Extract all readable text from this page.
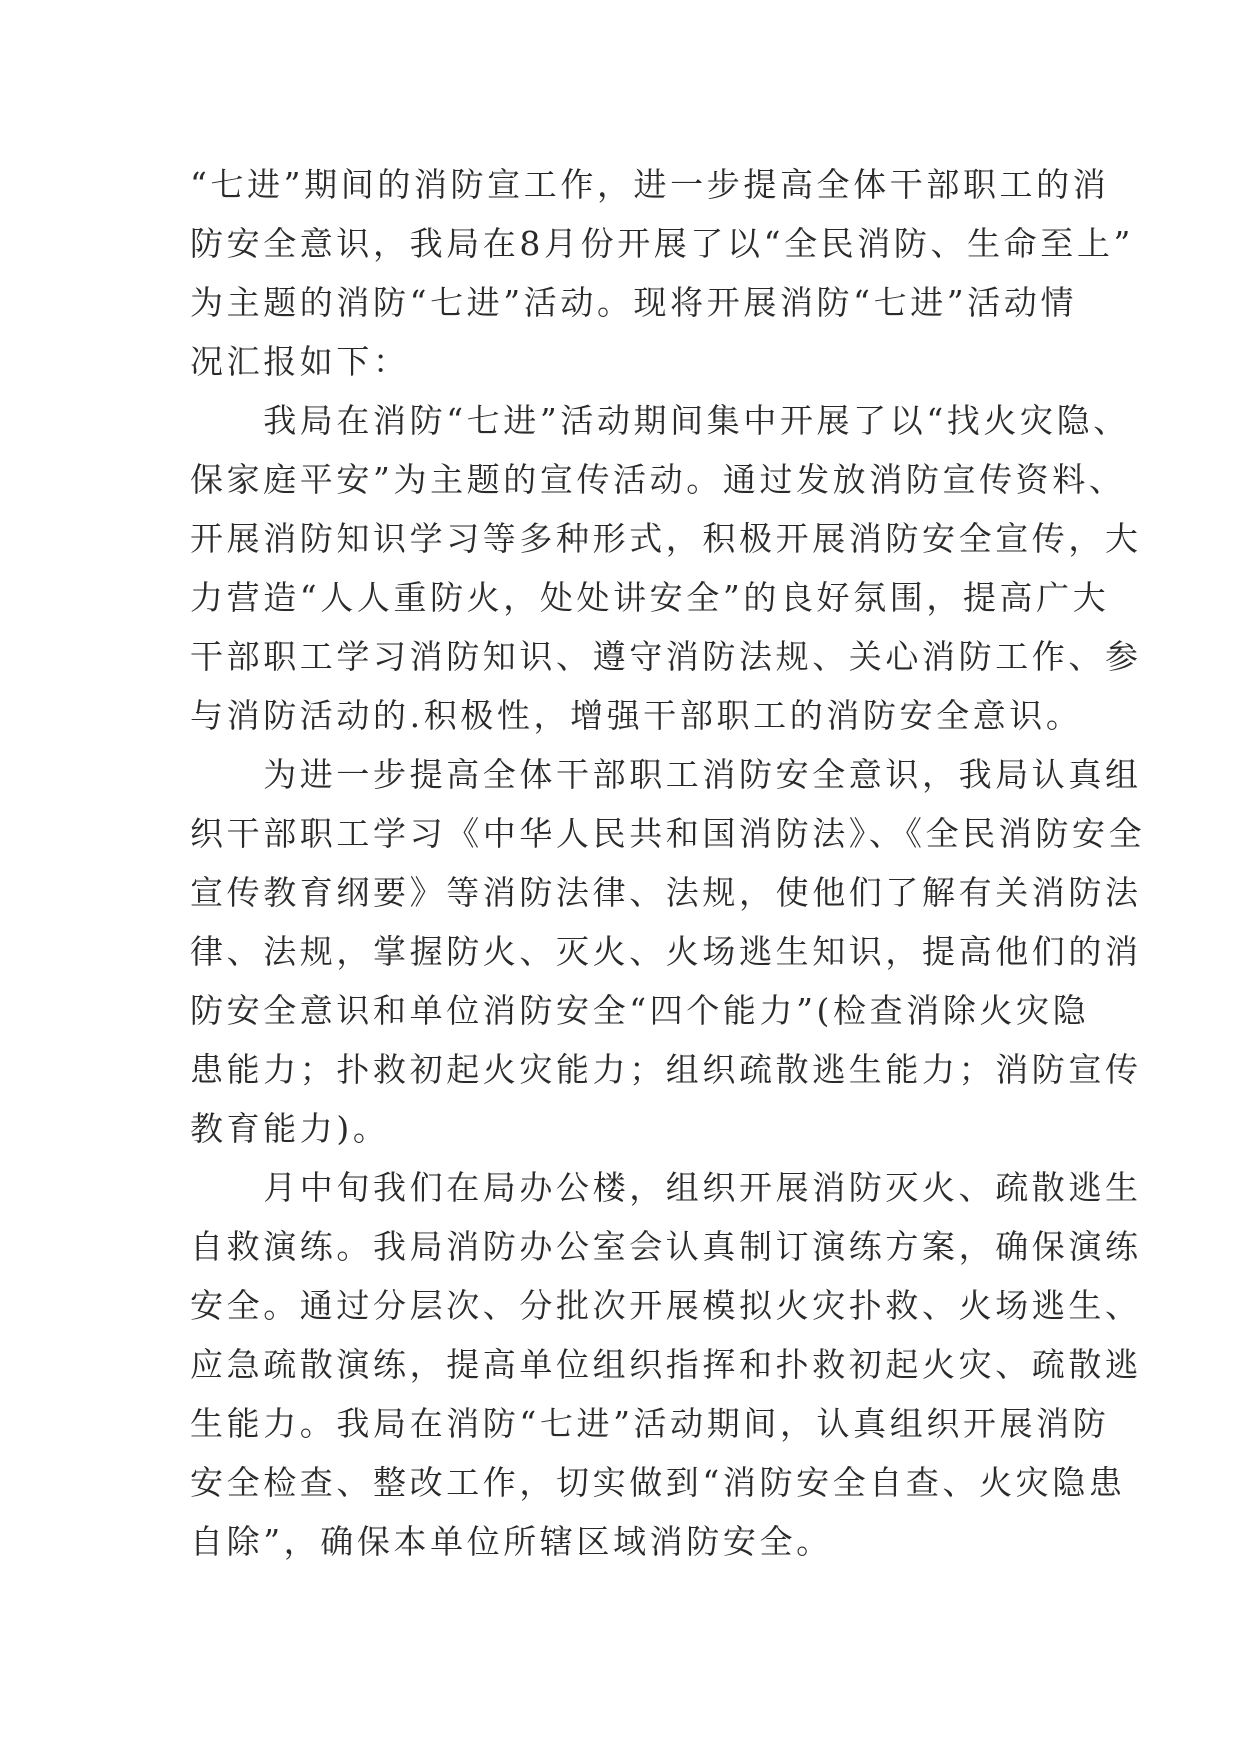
“七进”期间的消防宣工作，进一步提高全体干部职工的消
防安全意识，我局在8月份开展了以“全民消防、生命至上”
为主题的消防“七进”活动。现将开展消防“七进”活动情
况汇报如下：
　　我局在消防“七进”活动期间集中开展了以“找火灾隐、
保家庭平安”为主题的宣传活动。通过发放消防宣传资料、
开展消防知识学习等多种形式，积极开展消防安全宣传，大
力营造“人人重防火，处处讲安全”的良好氛围，提高广大
干部职工学习消防知识、遵守消防法规、关心消防工作、参
与消防活动的.积极性，增强干部职工的消防安全意识。
　　为进一步提高全体干部职工消防安全意识，我局认真组
织干部职工学习《中华人民共和国消防法》、《全民消防安全
宣传教育纲要》等消防法律、法规，使他们了解有关消防法
律、法规，掌握防火、灭火、火场逃生知识，提高他们的消
防安全意识和单位消防安全“四个能力”(检查消除火灾隐
患能力；扑救初起火灾能力；组织疏散逃生能力；消防宣传
教育能力)。
　　月中旬我们在局办公楼，组织开展消防灭火、疏散逃生
自救演练。我局消防办公室会认真制订演练方案，确保演练
安全。通过分层次、分批次开展模拟火灾扑救、火场逃生、
应急疏散演练，提高单位组织指挥和扑救初起火灾、疏散逃
生能力。我局在消防“七进”活动期间，认真组织开展消防
安全检查、整改工作，切实做到“消防安全自查、火灾隐患
自除”，确保本单位所辖区域消防安全。
